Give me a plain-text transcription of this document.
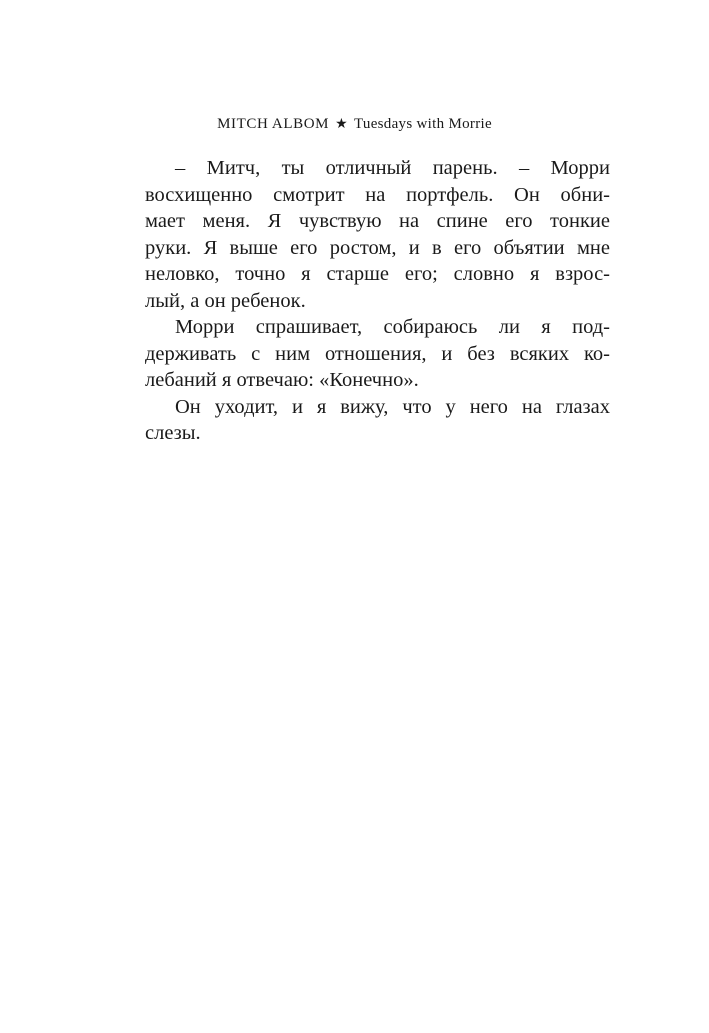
MITCH ALBOM ★ Tuesdays with Morrie
– Митч, ты отличный парень. – Морри
восхищенно смотрит на портфель. Он обни-
мает меня. Я чувствую на спине его тонкие
руки. Я выше его ростом, и в его объятии мне
неловко, точно я старше его; словно я взрос-
лый, а он ребенок.
Морри спрашивает, собираюсь ли я под-
держивать с ним отношения, и без всяких ко-
лебаний я отвечаю: «Конечно».
Он уходит, и я вижу, что у него на глазах
слезы.
